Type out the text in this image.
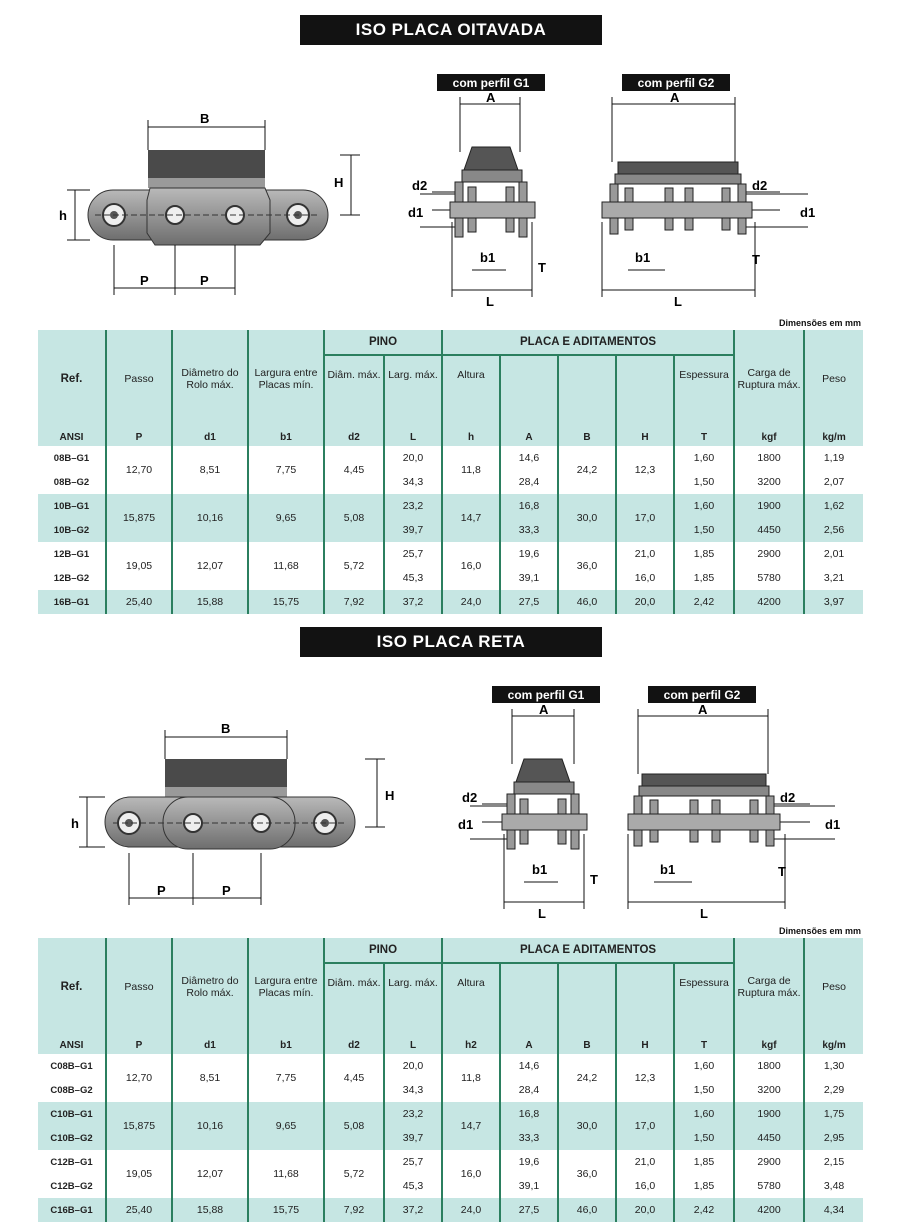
ISO PLACA OITAVADA
B
H
h
P	P
com perfil G1	com perfil G2
A
d2
d1
b1
T
L
A
d2
d1
b1	T
L
Dimensões em mm
Ref.	Passo	Diâmetro do Rolo máx.	Largura entre Placas mín.	PINO		PLACA E ADITAMENTOS					Carga de Ruptura máx.	Peso
				Diâm. máx.	Larg. máx.	Altura				Espessura		
ANSI	P	d1	b1	d2	L	h	A	B	H	T	kgf	kg/m
08B–G1	12,70	8,51	7,75	4,45	20,0	11,8	14,6	24,2	12,3	1,60	1800	1,19
08B–G2					34,3		28,4			1,50	3200	2,07
10B–G1	15,875	10,16	9,65	5,08	23,2	14,7	16,8	30,0	17,0	1,60	1900	1,62
10B–G2					39,7		33,3			1,50	4450	2,56
12B–G1	19,05	12,07	11,68	5,72	25,7	16,0	19,6	36,0	21,0	1,85	2900	2,01
12B–G2					45,3		39,1		16,0	1,85	5780	3,21
16B–G1	25,40	15,88	15,75	7,92	37,2	24,0	27,5	46,0	20,0	2,42	4200	3,97
ISO PLACA RETA
B
H
h
P	P
com perfil G1	com perfil G2
A
d2
d1
b1
T
L
A
d2
d1
b1	T
L
Dimensões em mm
Ref.	Passo	Diâmetro do Rolo máx.	Largura entre Placas mín.	PINO		PLACA E ADITAMENTOS					Carga de Ruptura máx.	Peso
				Diâm. máx.	Larg. máx.	Altura				Espessura		
ANSI	P	d1	b1	d2	L	h2	A	B	H	T	kgf	kg/m
C08B–G1	12,70	8,51	7,75	4,45	20,0	11,8	14,6	24,2	12,3	1,60	1800	1,30
C08B–G2					34,3		28,4			1,50	3200	2,29
C10B–G1	15,875	10,16	9,65	5,08	23,2	14,7	16,8	30,0	17,0	1,60	1900	1,75
C10B–G2					39,7		33,3			1,50	4450	2,95
C12B–G1	19,05	12,07	11,68	5,72	25,7	16,0	19,6	36,0	21,0	1,85	2900	2,15
C12B–G2					45,3		39,1		16,0	1,85	5780	3,48
C16B–G1	25,40	15,88	15,75	7,92	37,2	24,0	27,5	46,0	20,0	2,42	4200	4,34
